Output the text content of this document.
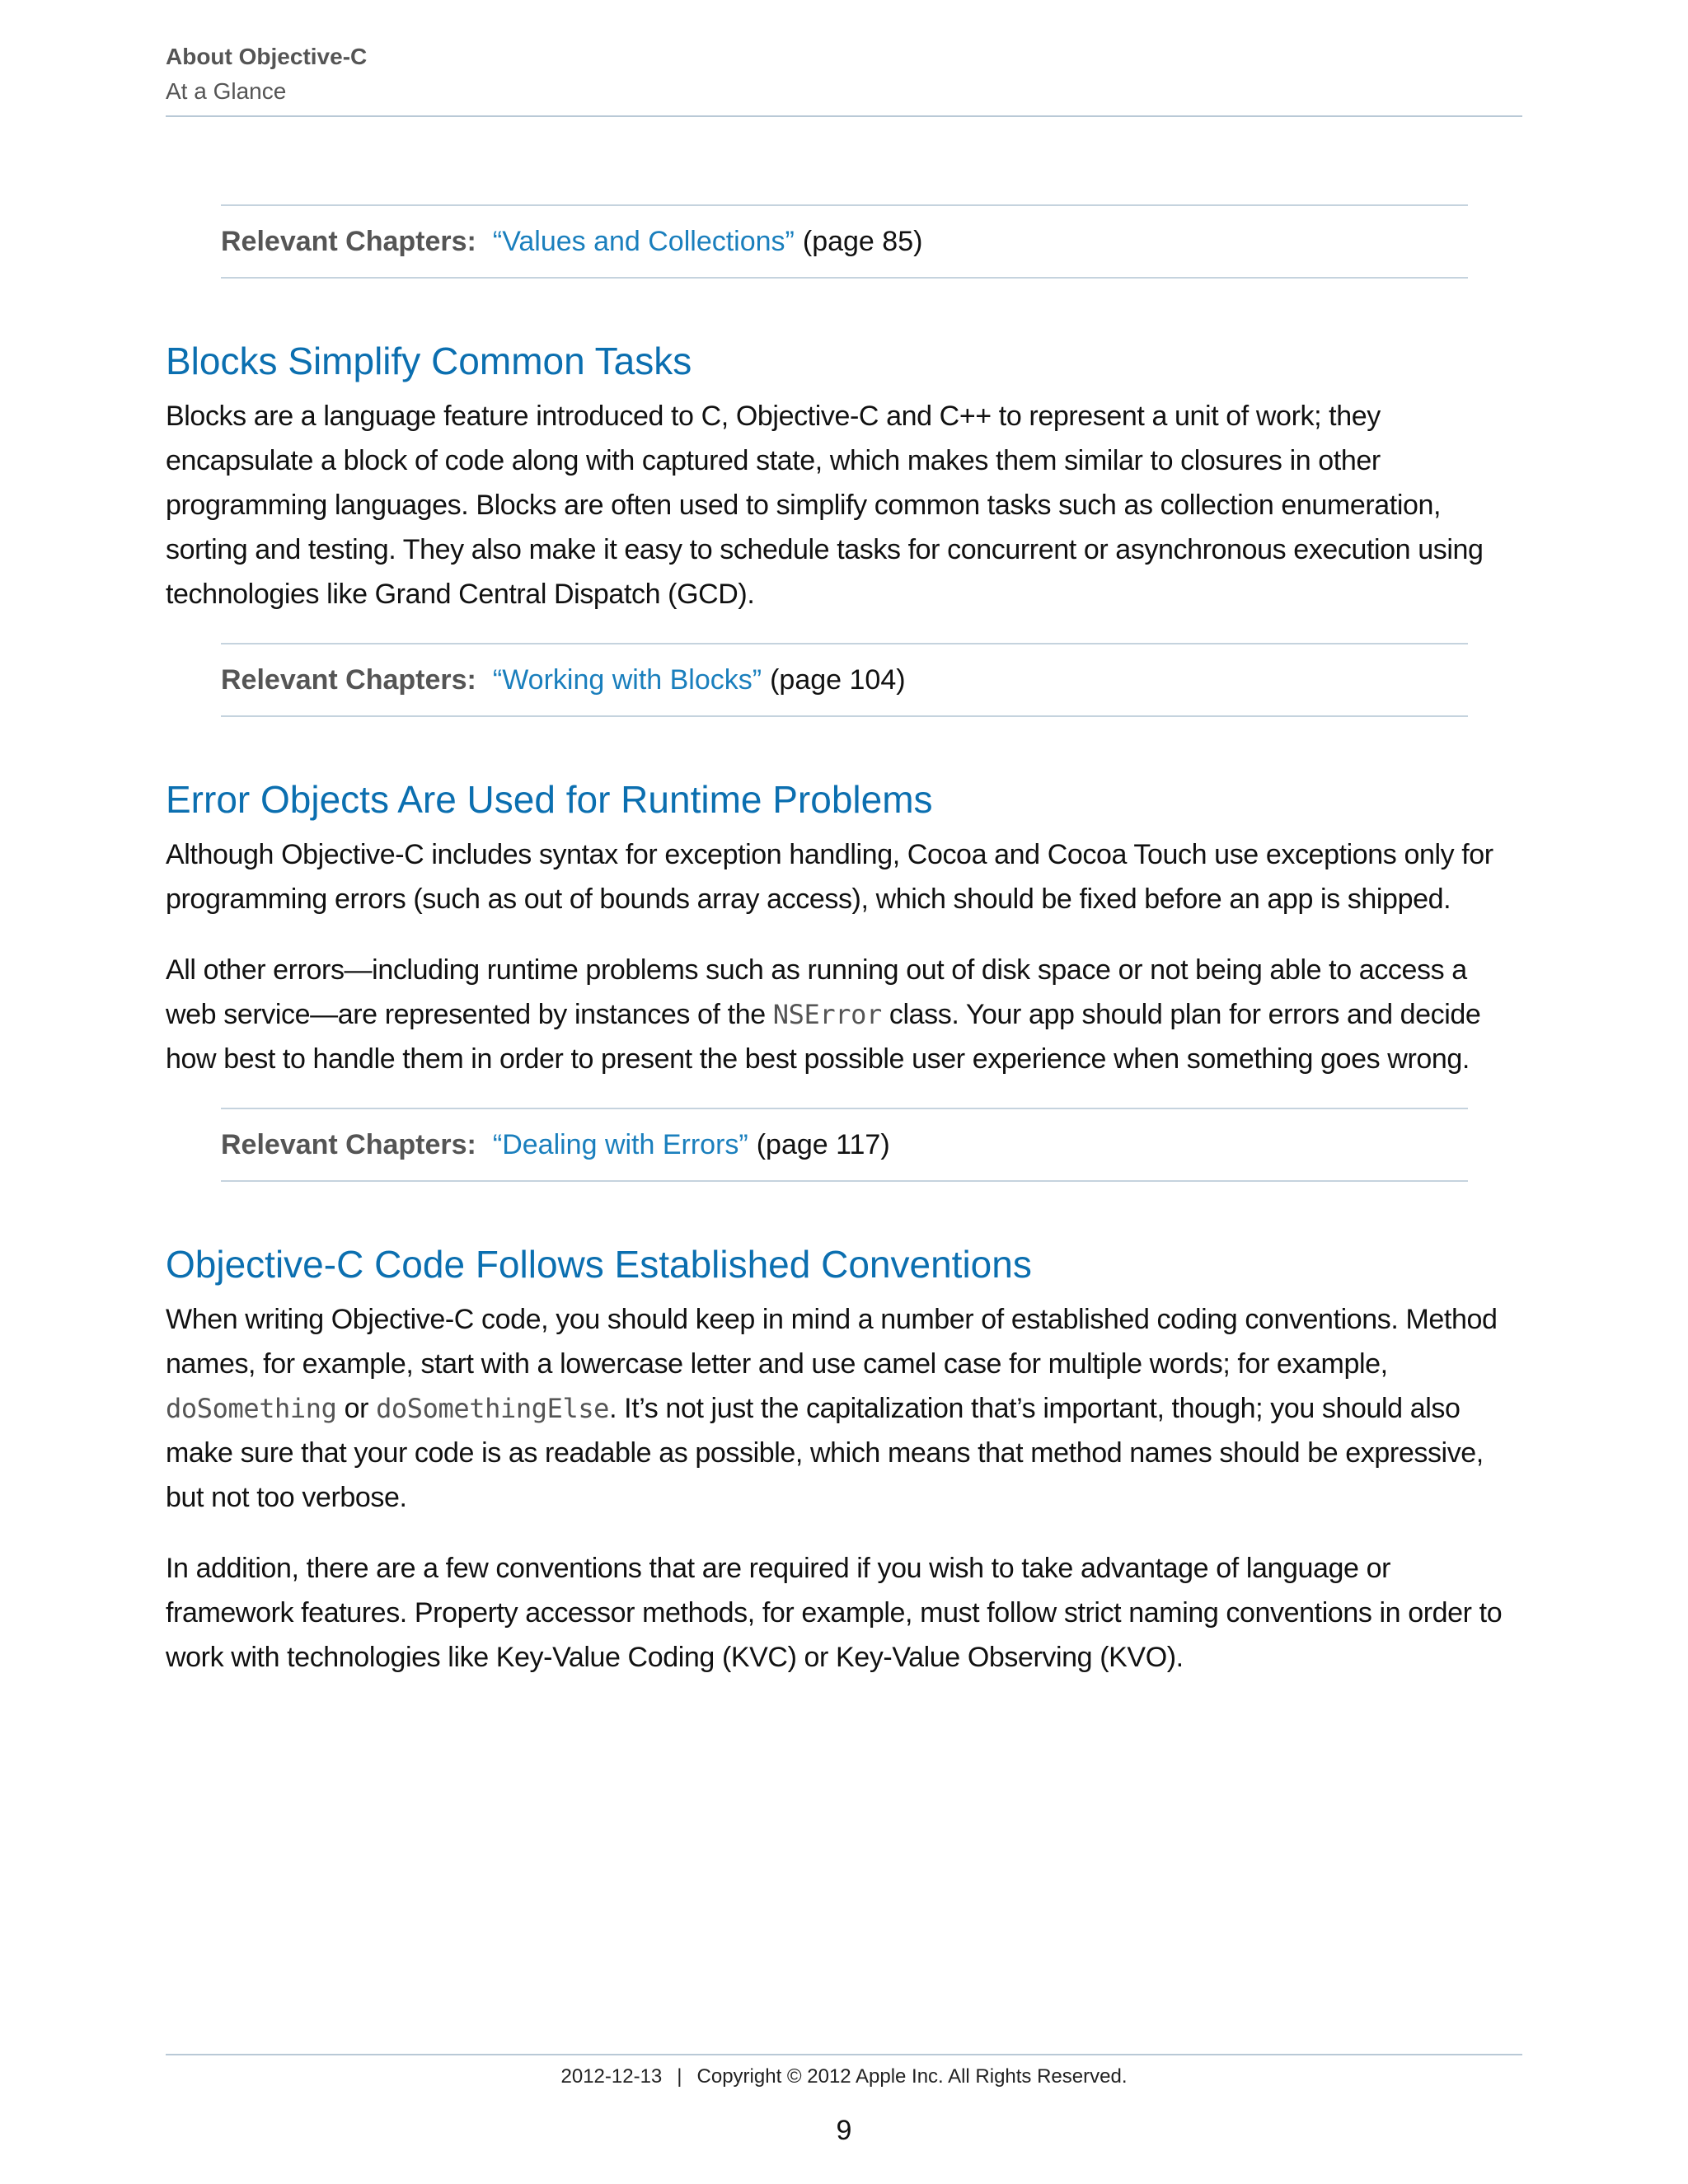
About Objective-C
At a Glance
Relevant Chapters: “Values and Collections” (page 85)
Blocks Simplify Common Tasks

Blocks are a language feature introduced to C, Objective-C and C++ to represent a unit of work; they encapsulate a block of code along with captured state, which makes them similar to closures in other programming languages. Blocks are often used to simplify common tasks such as collection enumeration, sorting and testing. They also make it easy to schedule tasks for concurrent or asynchronous execution using technologies like Grand Central Dispatch (GCD).

Relevant Chapters: “Working with Blocks” (page 104)
Error Objects Are Used for Runtime Problems

Although Objective-C includes syntax for exception handling, Cocoa and Cocoa Touch use exceptions only for programming errors (such as out of bounds array access), which should be fixed before an app is shipped.

All other errors—including runtime problems such as running out of disk space or not being able to access a web service—are represented by instances of the NSError class. Your app should plan for errors and decide how best to handle them in order to present the best possible user experience when something goes wrong.

Relevant Chapters: “Dealing with Errors” (page 117)
Objective-C Code Follows Established Conventions

When writing Objective-C code, you should keep in mind a number of established coding conventions. Method names, for example, start with a lowercase letter and use camel case for multiple words; for example, doSomething or doSomethingElse. It’s not just the capitalization that’s important, though; you should also make sure that your code is as readable as possible, which means that method names should be expressive, but not too verbose.

In addition, there are a few conventions that are required if you wish to take advantage of language or framework features. Property accessor methods, for example, must follow strict naming conventions in order to work with technologies like Key-Value Coding (KVC) or Key-Value Observing (KVO).

2012-12-13 | Copyright © 2012 Apple Inc. All Rights Reserved.
9
